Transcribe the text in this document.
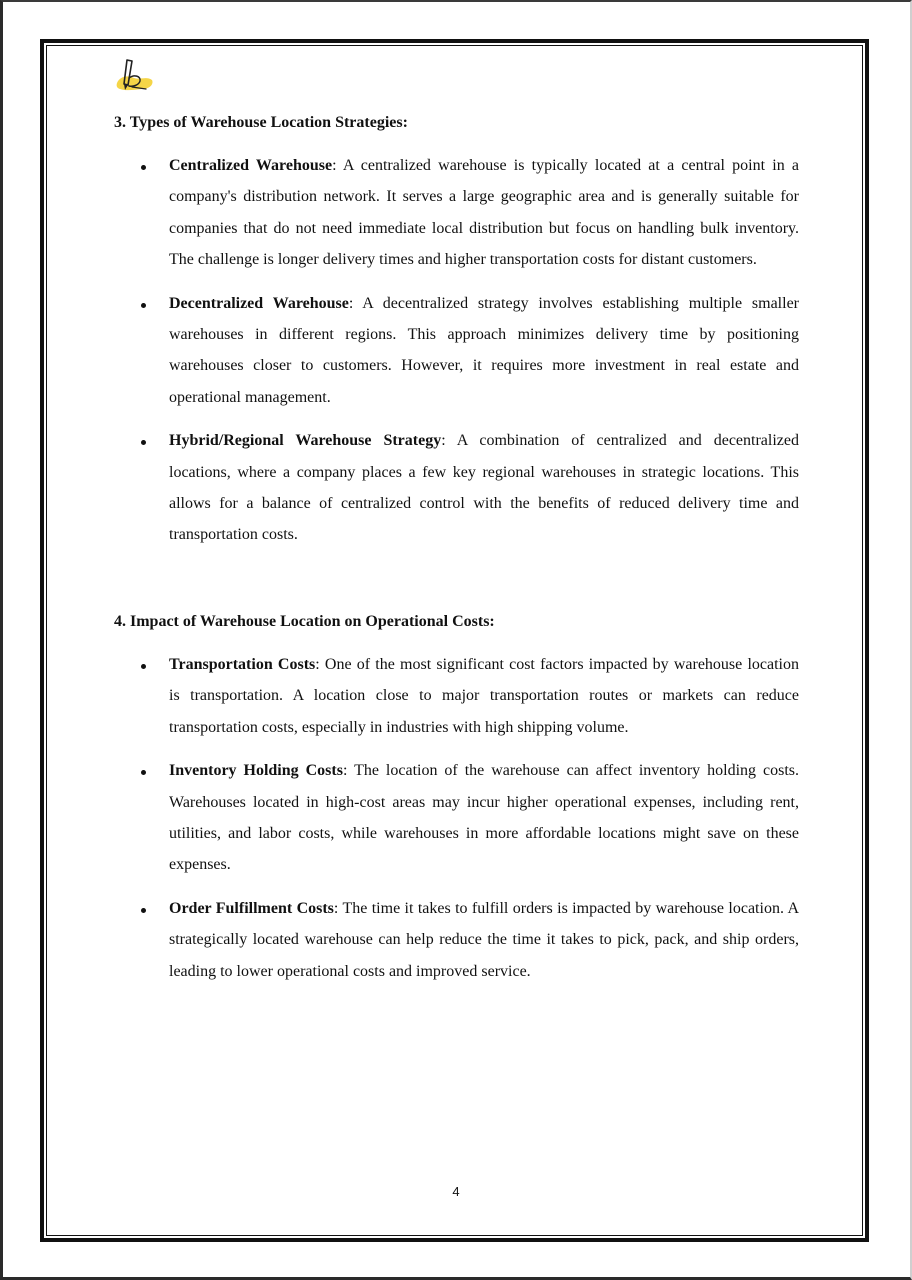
3. Types of Warehouse Location Strategies:
Centralized Warehouse: A centralized warehouse is typically located at a central point in a company's distribution network. It serves a large geographic area and is generally suitable for companies that do not need immediate local distribution but focus on handling bulk inventory. The challenge is longer delivery times and higher transportation costs for distant customers.
Decentralized Warehouse: A decentralized strategy involves establishing multiple smaller warehouses in different regions. This approach minimizes delivery time by positioning warehouses closer to customers. However, it requires more investment in real estate and operational management.
Hybrid/Regional Warehouse Strategy: A combination of centralized and decentralized locations, where a company places a few key regional warehouses in strategic locations. This allows for a balance of centralized control with the benefits of reduced delivery time and transportation costs.
4. Impact of Warehouse Location on Operational Costs:
Transportation Costs: One of the most significant cost factors impacted by warehouse location is transportation. A location close to major transportation routes or markets can reduce transportation costs, especially in industries with high shipping volume.
Inventory Holding Costs: The location of the warehouse can affect inventory holding costs. Warehouses located in high-cost areas may incur higher operational expenses, including rent, utilities, and labor costs, while warehouses in more affordable locations might save on these expenses.
Order Fulfillment Costs: The time it takes to fulfill orders is impacted by warehouse location. A strategically located warehouse can help reduce the time it takes to pick, pack, and ship orders, leading to lower operational costs and improved service.
4
